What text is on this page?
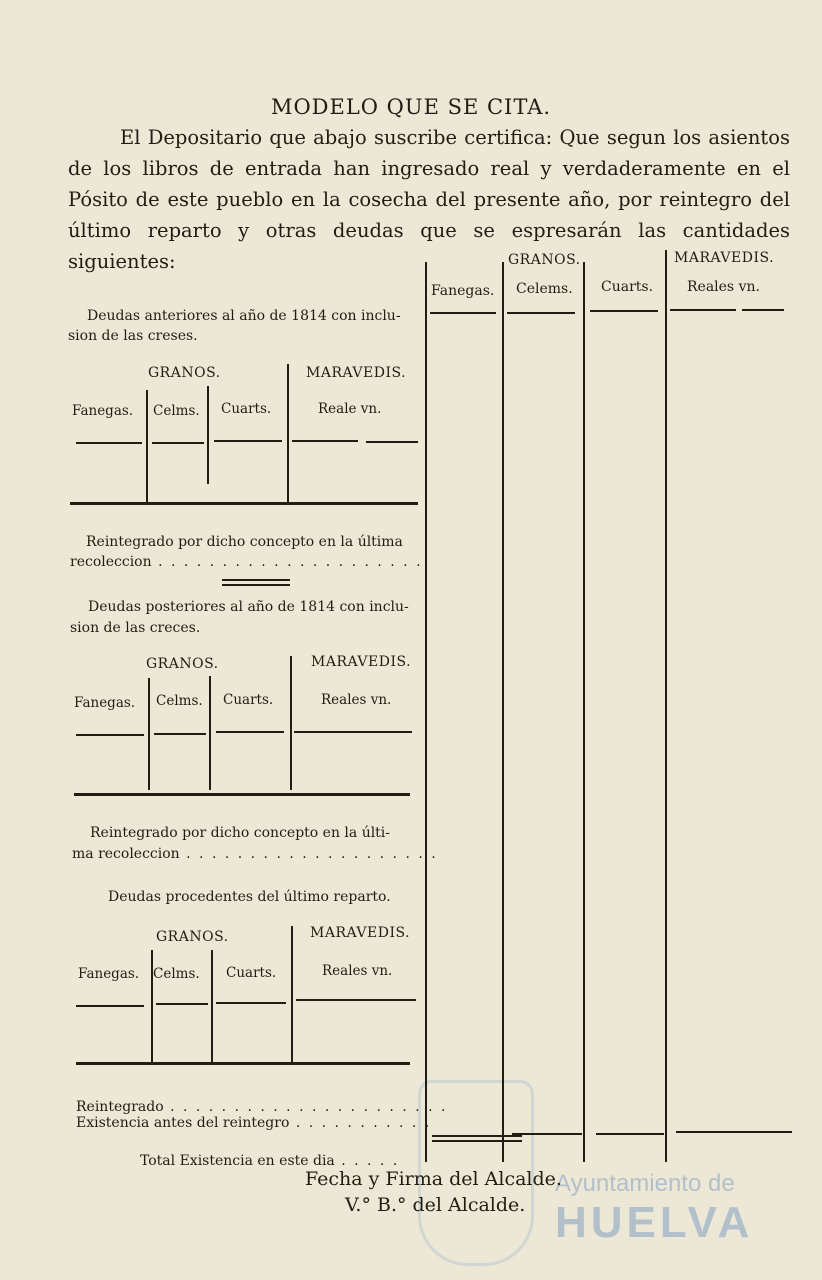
Ayuntamiento de
HUELVA
MODELO QUE SE CITA.

El Depositario que abajo suscribe certifica: Que segun los asientos de los libros de entrada han ingresado real y verdaderamente en el Pósito de este pueblo en la cosecha del presente año, por reintegro del último reparto y otras deudas que se espresarán las cantidades siguientes:	GRANOS.	MARAVEDIS.
Fanegas. Celems. Cuarts. Reales vn.
Deudas anteriores al año de 1814 con inclu-
sion de las creses.
GRANOS.	MARAVEDIS.
Fanegas. Celms. Cuarts.	Reale vn.
Reintegrado por dicho concepto en la última
recoleccion . . . . . . . . . . . . . . . . . . . . .
Deudas posteriores al año de 1814 con inclu-
sion de las creces.
GRANOS.	MARAVEDIS.
Fanegas. Celms. Cuarts.	Reales vn.
Reintegrado por dicho concepto en la últi-
ma recoleccion . . . . . . . . . . . . . . . . . . . .
Deudas procedentes del último reparto.
GRANOS.	MARAVEDIS.
Fanegas. Celms. Cuarts.	Reales vn.
Reintegrado . . . . . . . . . . . . . . . . . . . . . .
Existencia antes del reintegro . . . . . . . . . . .
Total Existencia en este dia . . . . .
Fecha y Firma del Alcalde.
V.° B.° del Alcalde.
